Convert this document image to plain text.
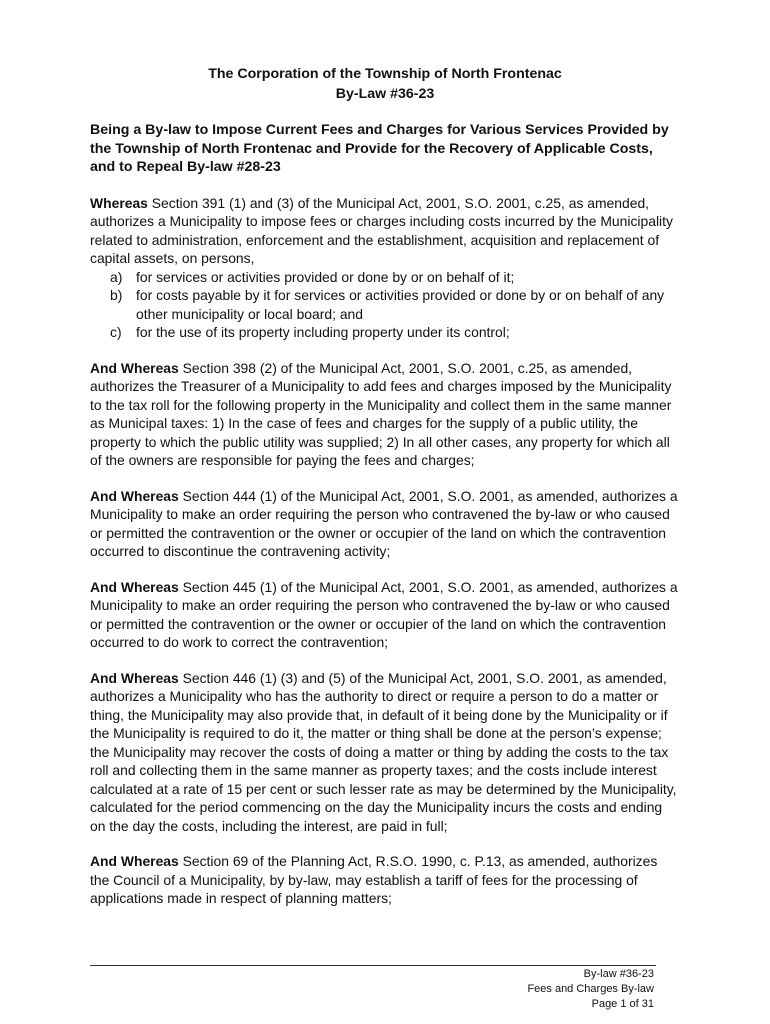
The Corporation of the Township of North Frontenac
By-Law #36-23
Being a By-law to Impose Current Fees and Charges for Various Services Provided by the Township of North Frontenac and Provide for the Recovery of Applicable Costs, and to Repeal By-law #28-23
Whereas Section 391 (1) and (3) of the Municipal Act, 2001, S.O. 2001, c.25, as amended, authorizes a Municipality to impose fees or charges including costs incurred by the Municipality related to administration, enforcement and the establishment, acquisition and replacement of capital assets, on persons,
a) for services or activities provided or done by or on behalf of it;
b) for costs payable by it for services or activities provided or done by or on behalf of any other municipality or local board; and
c) for the use of its property including property under its control;
And Whereas Section 398 (2) of the Municipal Act, 2001, S.O. 2001, c.25, as amended, authorizes the Treasurer of a Municipality to add fees and charges imposed by the Municipality to the tax roll for the following property in the Municipality and collect them in the same manner as Municipal taxes: 1) In the case of fees and charges for the supply of a public utility, the property to which the public utility was supplied; 2) In all other cases, any property for which all of the owners are responsible for paying the fees and charges;
And Whereas Section 444 (1) of the Municipal Act, 2001, S.O. 2001, as amended, authorizes a Municipality to make an order requiring the person who contravened the by-law or who caused or permitted the contravention or the owner or occupier of the land on which the contravention occurred to discontinue the contravening activity;
And Whereas Section 445 (1) of the Municipal Act, 2001, S.O. 2001, as amended, authorizes a Municipality to make an order requiring the person who contravened the by-law or who caused or permitted the contravention or the owner or occupier of the land on which the contravention occurred to do work to correct the contravention;
And Whereas Section 446 (1) (3) and (5) of the Municipal Act, 2001, S.O. 2001, as amended, authorizes a Municipality who has the authority to direct or require a person to do a matter or thing, the Municipality may also provide that, in default of it being done by the Municipality or if the Municipality is required to do it, the matter or thing shall be done at the person’s expense; the Municipality may recover the costs of doing a matter or thing by adding the costs to the tax roll and collecting them in the same manner as property taxes; and the costs include interest calculated at a rate of 15 per cent or such lesser rate as may be determined by the Municipality, calculated for the period commencing on the day the Municipality incurs the costs and ending on the day the costs, including the interest, are paid in full;
And Whereas Section 69 of the Planning Act, R.S.O. 1990, c. P.13, as amended, authorizes the Council of a Municipality, by by-law, may establish a tariff of fees for the processing of applications made in respect of planning matters;
By-law #36-23
Fees and Charges By-law
Page 1 of 31
